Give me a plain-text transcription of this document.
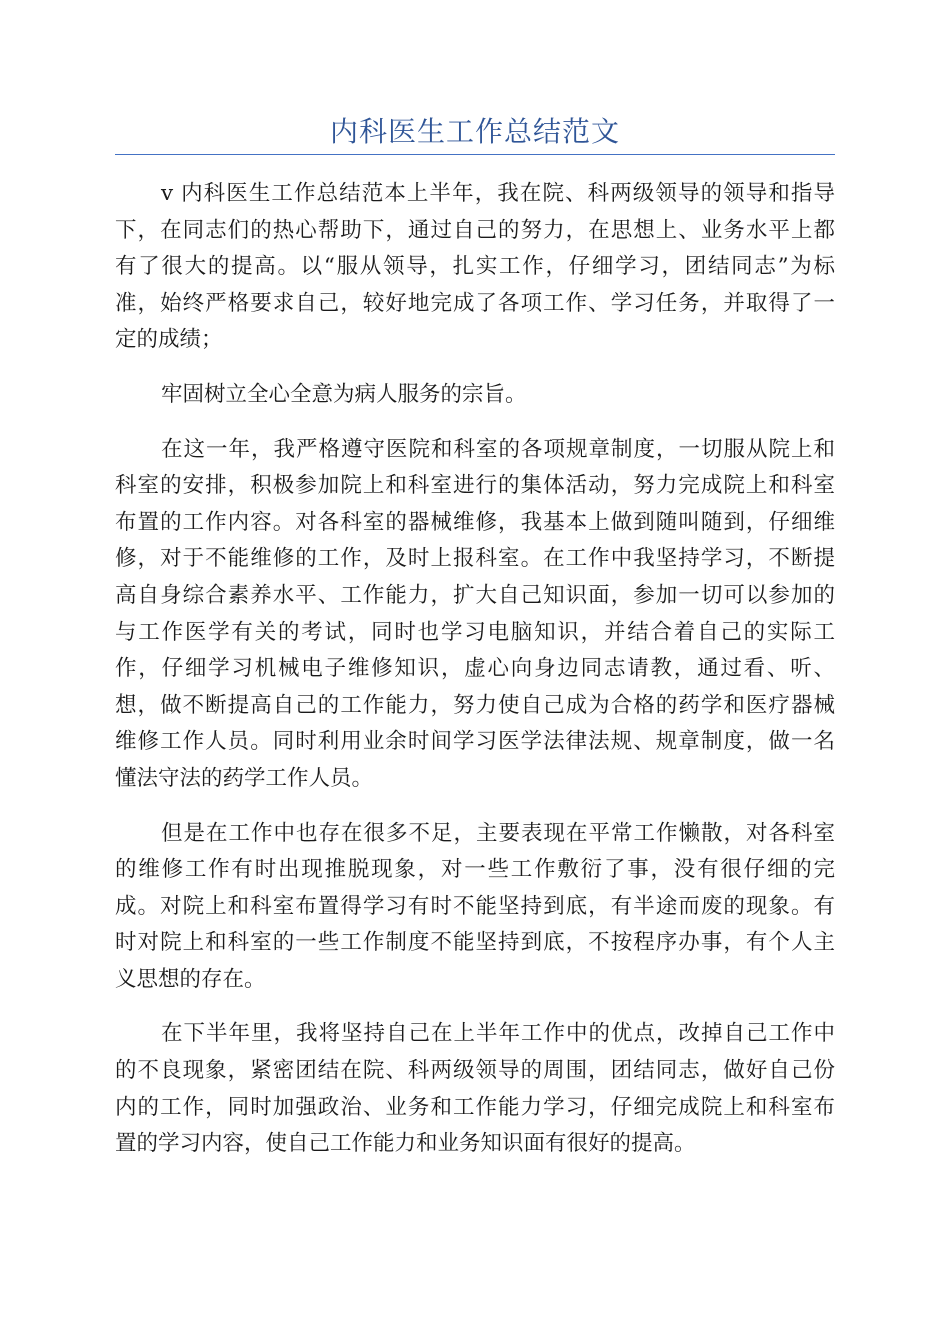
内科医生工作总结范文
v 内科医生工作总结范本上半年，我在院、科两级领导的领导和指导
下，在同志们的热心帮助下，通过自己的努力，在思想上、业务水平上都
有了很大的提高。以“服从领导，扎实工作，仔细学习，团结同志”为标
准，始终严格要求自己，较好地完成了各项工作、学习任务，并取得了一
定的成绩；
牢固树立全心全意为病人服务的宗旨。
在这一年，我严格遵守医院和科室的各项规章制度，一切服从院上和
科室的安排，积极参加院上和科室进行的集体活动，努力完成院上和科室
布置的工作内容。对各科室的器械维修，我基本上做到随叫随到，仔细维
修，对于不能维修的工作，及时上报科室。在工作中我坚持学习，不断提
高自身综合素养水平、工作能力，扩大自己知识面，参加一切可以参加的
与工作医学有关的考试，同时也学习电脑知识，并结合着自己的实际工
作，仔细学习机械电子维修知识，虚心向身边同志请教，通过看、听、
想，做不断提高自己的工作能力，努力使自己成为合格的药学和医疗器械
维修工作人员。同时利用业余时间学习医学法律法规、规章制度，做一名
懂法守法的药学工作人员。
但是在工作中也存在很多不足，主要表现在平常工作懒散，对各科室
的维修工作有时出现推脱现象，对一些工作敷衍了事，没有很仔细的完
成。对院上和科室布置得学习有时不能坚持到底，有半途而废的现象。有
时对院上和科室的一些工作制度不能坚持到底，不按程序办事，有个人主
义思想的存在。
在下半年里，我将坚持自己在上半年工作中的优点，改掉自己工作中
的不良现象，紧密团结在院、科两级领导的周围，团结同志，做好自己份
内的工作，同时加强政治、业务和工作能力学习，仔细完成院上和科室布
置的学习内容，使自己工作能力和业务知识面有很好的提高。
